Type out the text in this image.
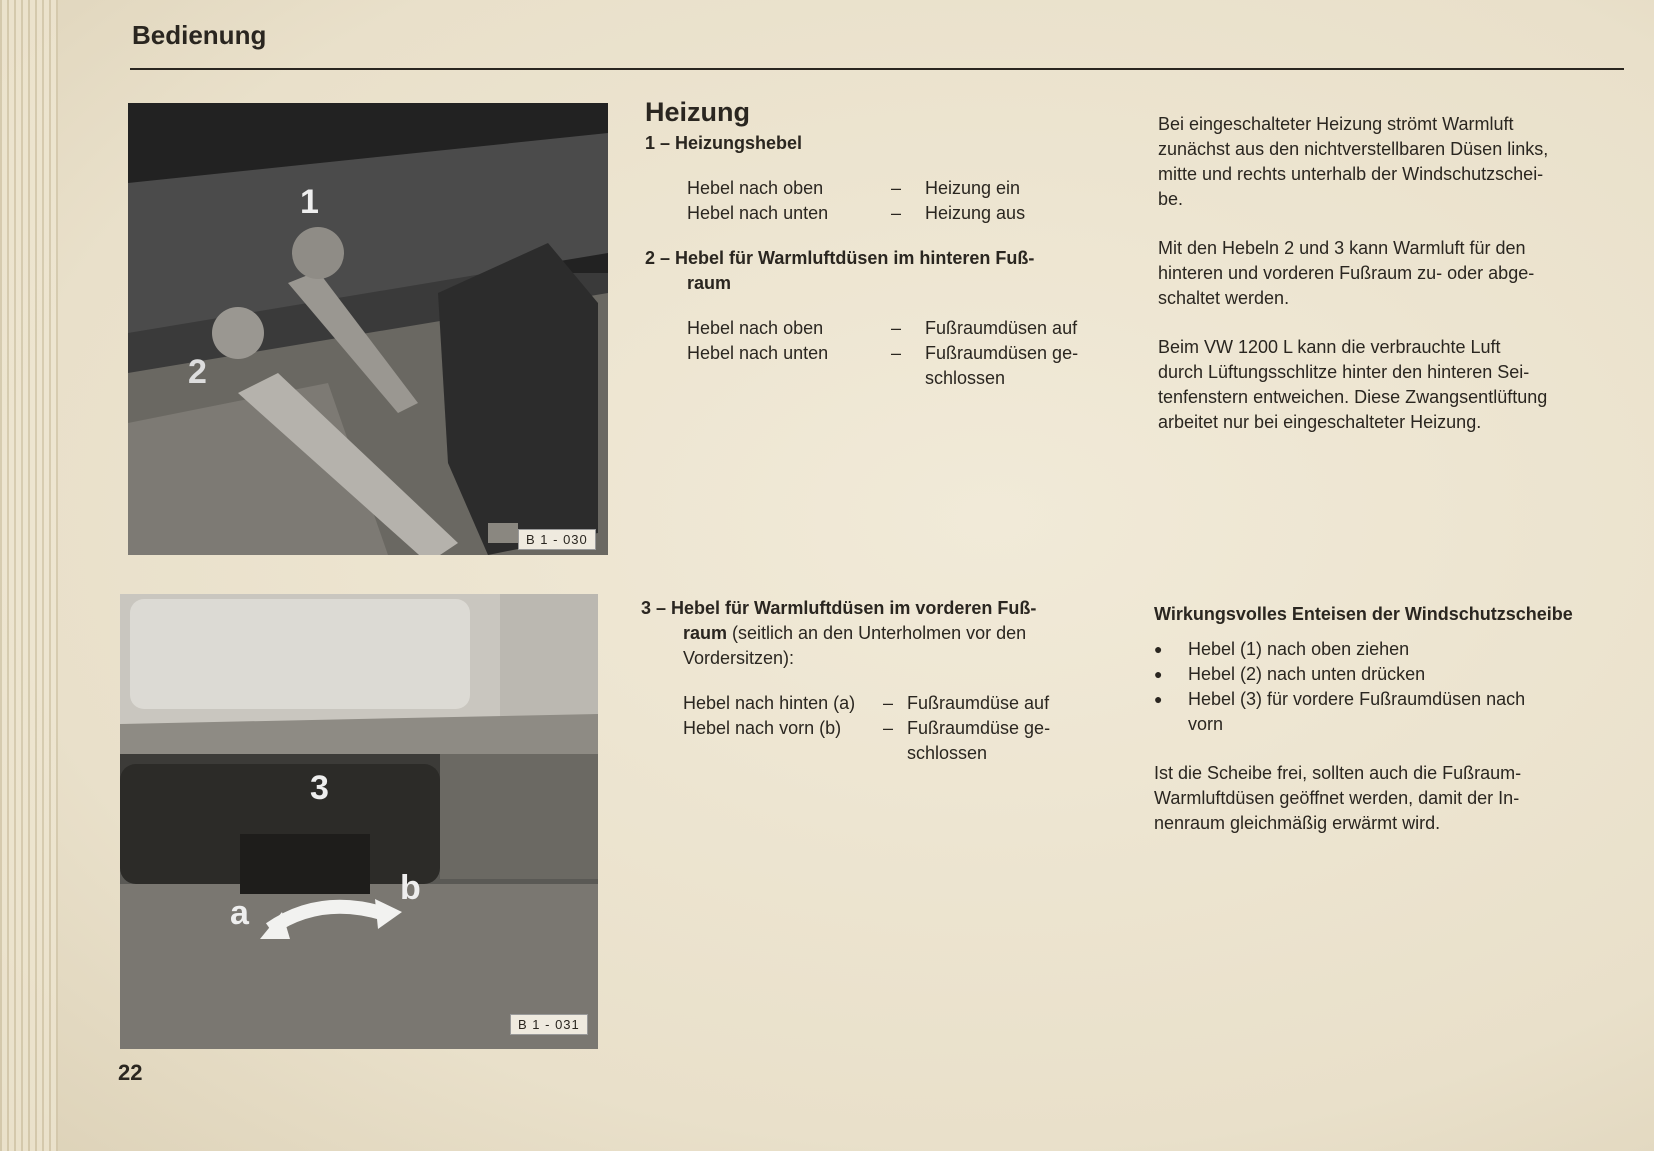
Bedienung
1
2
B 1 - 030
3
a
b
B 1 - 031
Heizung
1 – Heizungshebel
Hebel nach oben	–	Heizung ein
Hebel nach unten	–	Heizung aus
2 – Hebel für Warmluftdüsen im hinteren Fuß-
raum
Hebel nach oben	–	Fußraumdüsen auf
Hebel nach unten	–	Fußraumdüsen ge-
schlossen
3 – Hebel für Warmluftdüsen im vorderen Fuß-
raum (seitlich an den Unterholmen vor den
Vordersitzen):
Hebel nach hinten (a)	– Fußraumdüse auf
Hebel nach vorn (b)	– Fußraumdüse ge-
schlossen
Bei eingeschalteter Heizung strömt Warmluft
zunächst aus den nichtverstellbaren Düsen links,
mitte und rechts unterhalb der Windschutzschei-
be.
Mit den Hebeln 2 und 3 kann Warmluft für den
hinteren und vorderen Fußraum zu- oder abge-
schaltet werden.
Beim VW 1200 L kann die verbrauchte Luft
durch Lüftungsschlitze hinter den hinteren Sei-
tenfenstern entweichen. Diese Zwangsentlüftung
arbeitet nur bei eingeschalteter Heizung.
Wirkungsvolles Enteisen der Windschutzscheibe
● Hebel (1) nach oben ziehen
● Hebel (2) nach unten drücken
● Hebel (3) für vordere Fußraumdüsen nach
vorn
Ist die Scheibe frei, sollten auch die Fußraum-
Warmluftdüsen geöffnet werden, damit der In-
nenraum gleichmäßig erwärmt wird.
22
